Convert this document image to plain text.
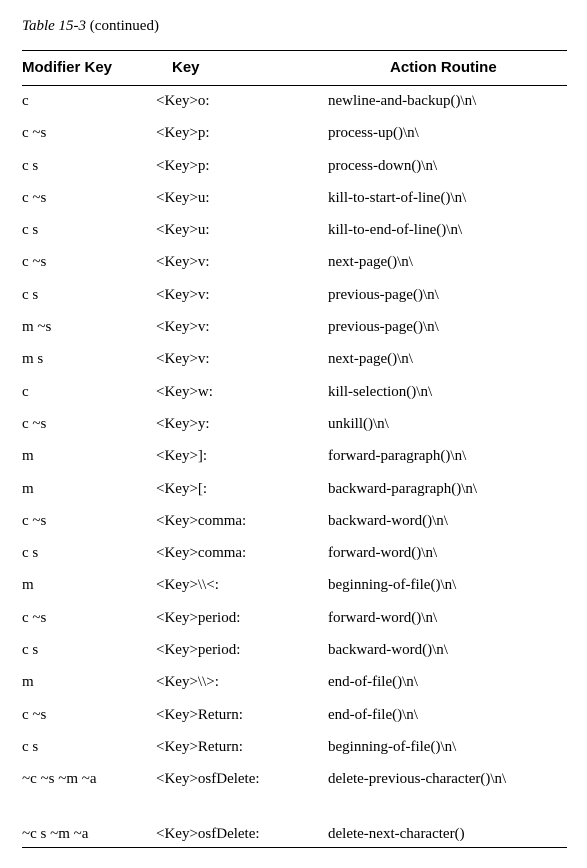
Table 15-3 (continued)
Modifier Key	Key	Action Routine
c	<Key>o:	newline-and-backup()\n\
c ~s	<Key>p:	process-up()\n\
c s	<Key>p:	process-down()\n\
c ~s	<Key>u:	kill-to-start-of-line()\n\
c s	<Key>u:	kill-to-end-of-line()\n\
c ~s	<Key>v:	next-page()\n\
c s	<Key>v:	previous-page()\n\
m ~s	<Key>v:	previous-page()\n\
m s	<Key>v:	next-page()\n\
c	<Key>w:	kill-selection()\n\
c ~s	<Key>y:	unkill()\n\
m	<Key>]:	forward-paragraph()\n\
m	<Key>[:	backward-paragraph()\n\
c ~s	<Key>comma:	backward-word()\n\
c s	<Key>comma:	forward-word()\n\
m	<Key>\\<:	beginning-of-file()\n\
c ~s	<Key>period:	forward-word()\n\
c s	<Key>period:	backward-word()\n\
m	<Key>\\>:	end-of-file()\n\
c ~s	<Key>Return:	end-of-file()\n\
c s	<Key>Return:	beginning-of-file()\n\
~c ~s ~m ~a	<Key>osfDelete:	delete-previous-character()\n\
~c s ~m ~a	<Key>osfDelete:	delete-next-character()
